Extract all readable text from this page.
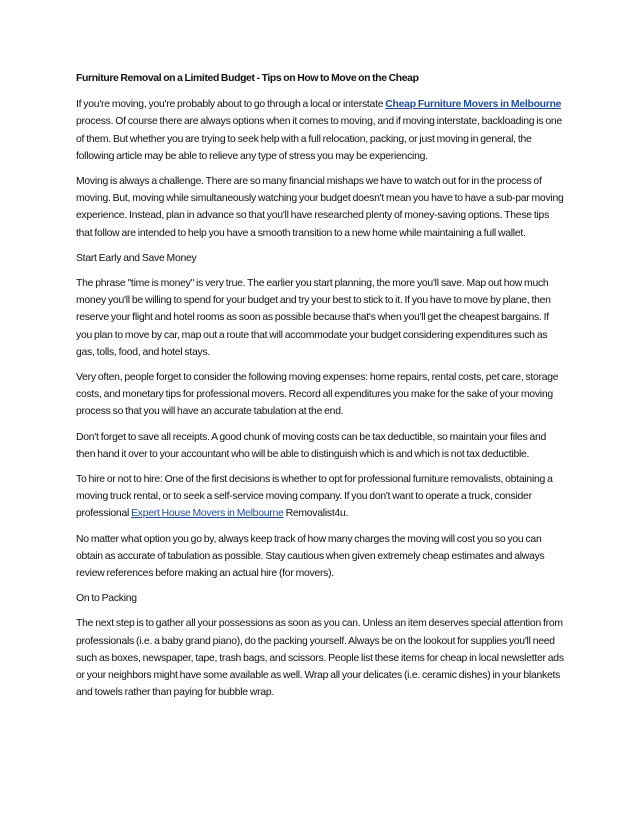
Furniture Removal on a Limited Budget - Tips on How to Move on the Cheap

If you're moving, you're probably about to go through a local or interstate Cheap Furniture Movers in Melbourne process. Of course there are always options when it comes to moving, and if moving interstate, backloading is one of them. But whether you are trying to seek help with a full relocation, packing, or just moving in general, the following article may be able to relieve any type of stress you may be experiencing.

Moving is always a challenge. There are so many financial mishaps we have to watch out for in the process of moving. But, moving while simultaneously watching your budget doesn't mean you have to have a sub-par moving experience. Instead, plan in advance so that you'll have researched plenty of money-saving options. These tips that follow are intended to help you have a smooth transition to a new home while maintaining a full wallet.

Start Early and Save Money

The phrase "time is money" is very true. The earlier you start planning, the more you'll save. Map out how much money you'll be willing to spend for your budget and try your best to stick to it. If you have to move by plane, then reserve your flight and hotel rooms as soon as possible because that's when you'll get the cheapest bargains. If you plan to move by car, map out a route that will accommodate your budget considering expenditures such as gas, tolls, food, and hotel stays.

Very often, people forget to consider the following moving expenses: home repairs, rental costs, pet care, storage costs, and monetary tips for professional movers. Record all expenditures you make for the sake of your moving process so that you will have an accurate tabulation at the end.

Don't forget to save all receipts. A good chunk of moving costs can be tax deductible, so maintain your files and then hand it over to your accountant who will be able to distinguish which is and which is not tax deductible.

To hire or not to hire: One of the first decisions is whether to opt for professional furniture removalists, obtaining a moving truck rental, or to seek a self-service moving company. If you don't want to operate a truck, consider professional Expert House Movers in Melbourne Removalist4u.

No matter what option you go by, always keep track of how many charges the moving will cost you so you can obtain as accurate of tabulation as possible. Stay cautious when given extremely cheap estimates and always review references before making an actual hire (for movers).

On to Packing

The next step is to gather all your possessions as soon as you can. Unless an item deserves special attention from professionals (i.e. a baby grand piano), do the packing yourself. Always be on the lookout for supplies you'll need such as boxes, newspaper, tape, trash bags, and scissors. People list these items for cheap in local newsletter ads or your neighbors might have some available as well. Wrap all your delicates (i.e. ceramic dishes) in your blankets and towels rather than paying for bubble wrap.
